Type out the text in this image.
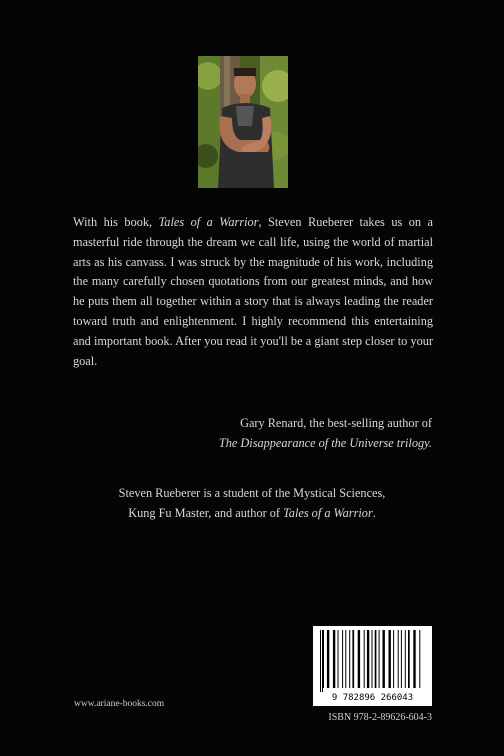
With his book, Tales of a Warrior, Steven Rueberer takes us on a masterful ride through the dream we call life, using the world of martial arts as his canvass. I was struck by the magnitude of his work, including the many carefully chosen quotations from our greatest minds, and how he puts them all together within a story that is always leading the reader toward truth and enlightenment. I highly recommend this entertaining and important book. After you read it you'll be a giant step closer to your goal.

Gary Renard, the best-selling author of
The Disappearance of the Universe trilogy.

Steven Rueberer is a student of the Mystical Sciences,
Kung Fu Master, and author of Tales of a Warrior.

9 782896 266043

www.ariane-books.com

ISBN 978-2-89626-604-3
